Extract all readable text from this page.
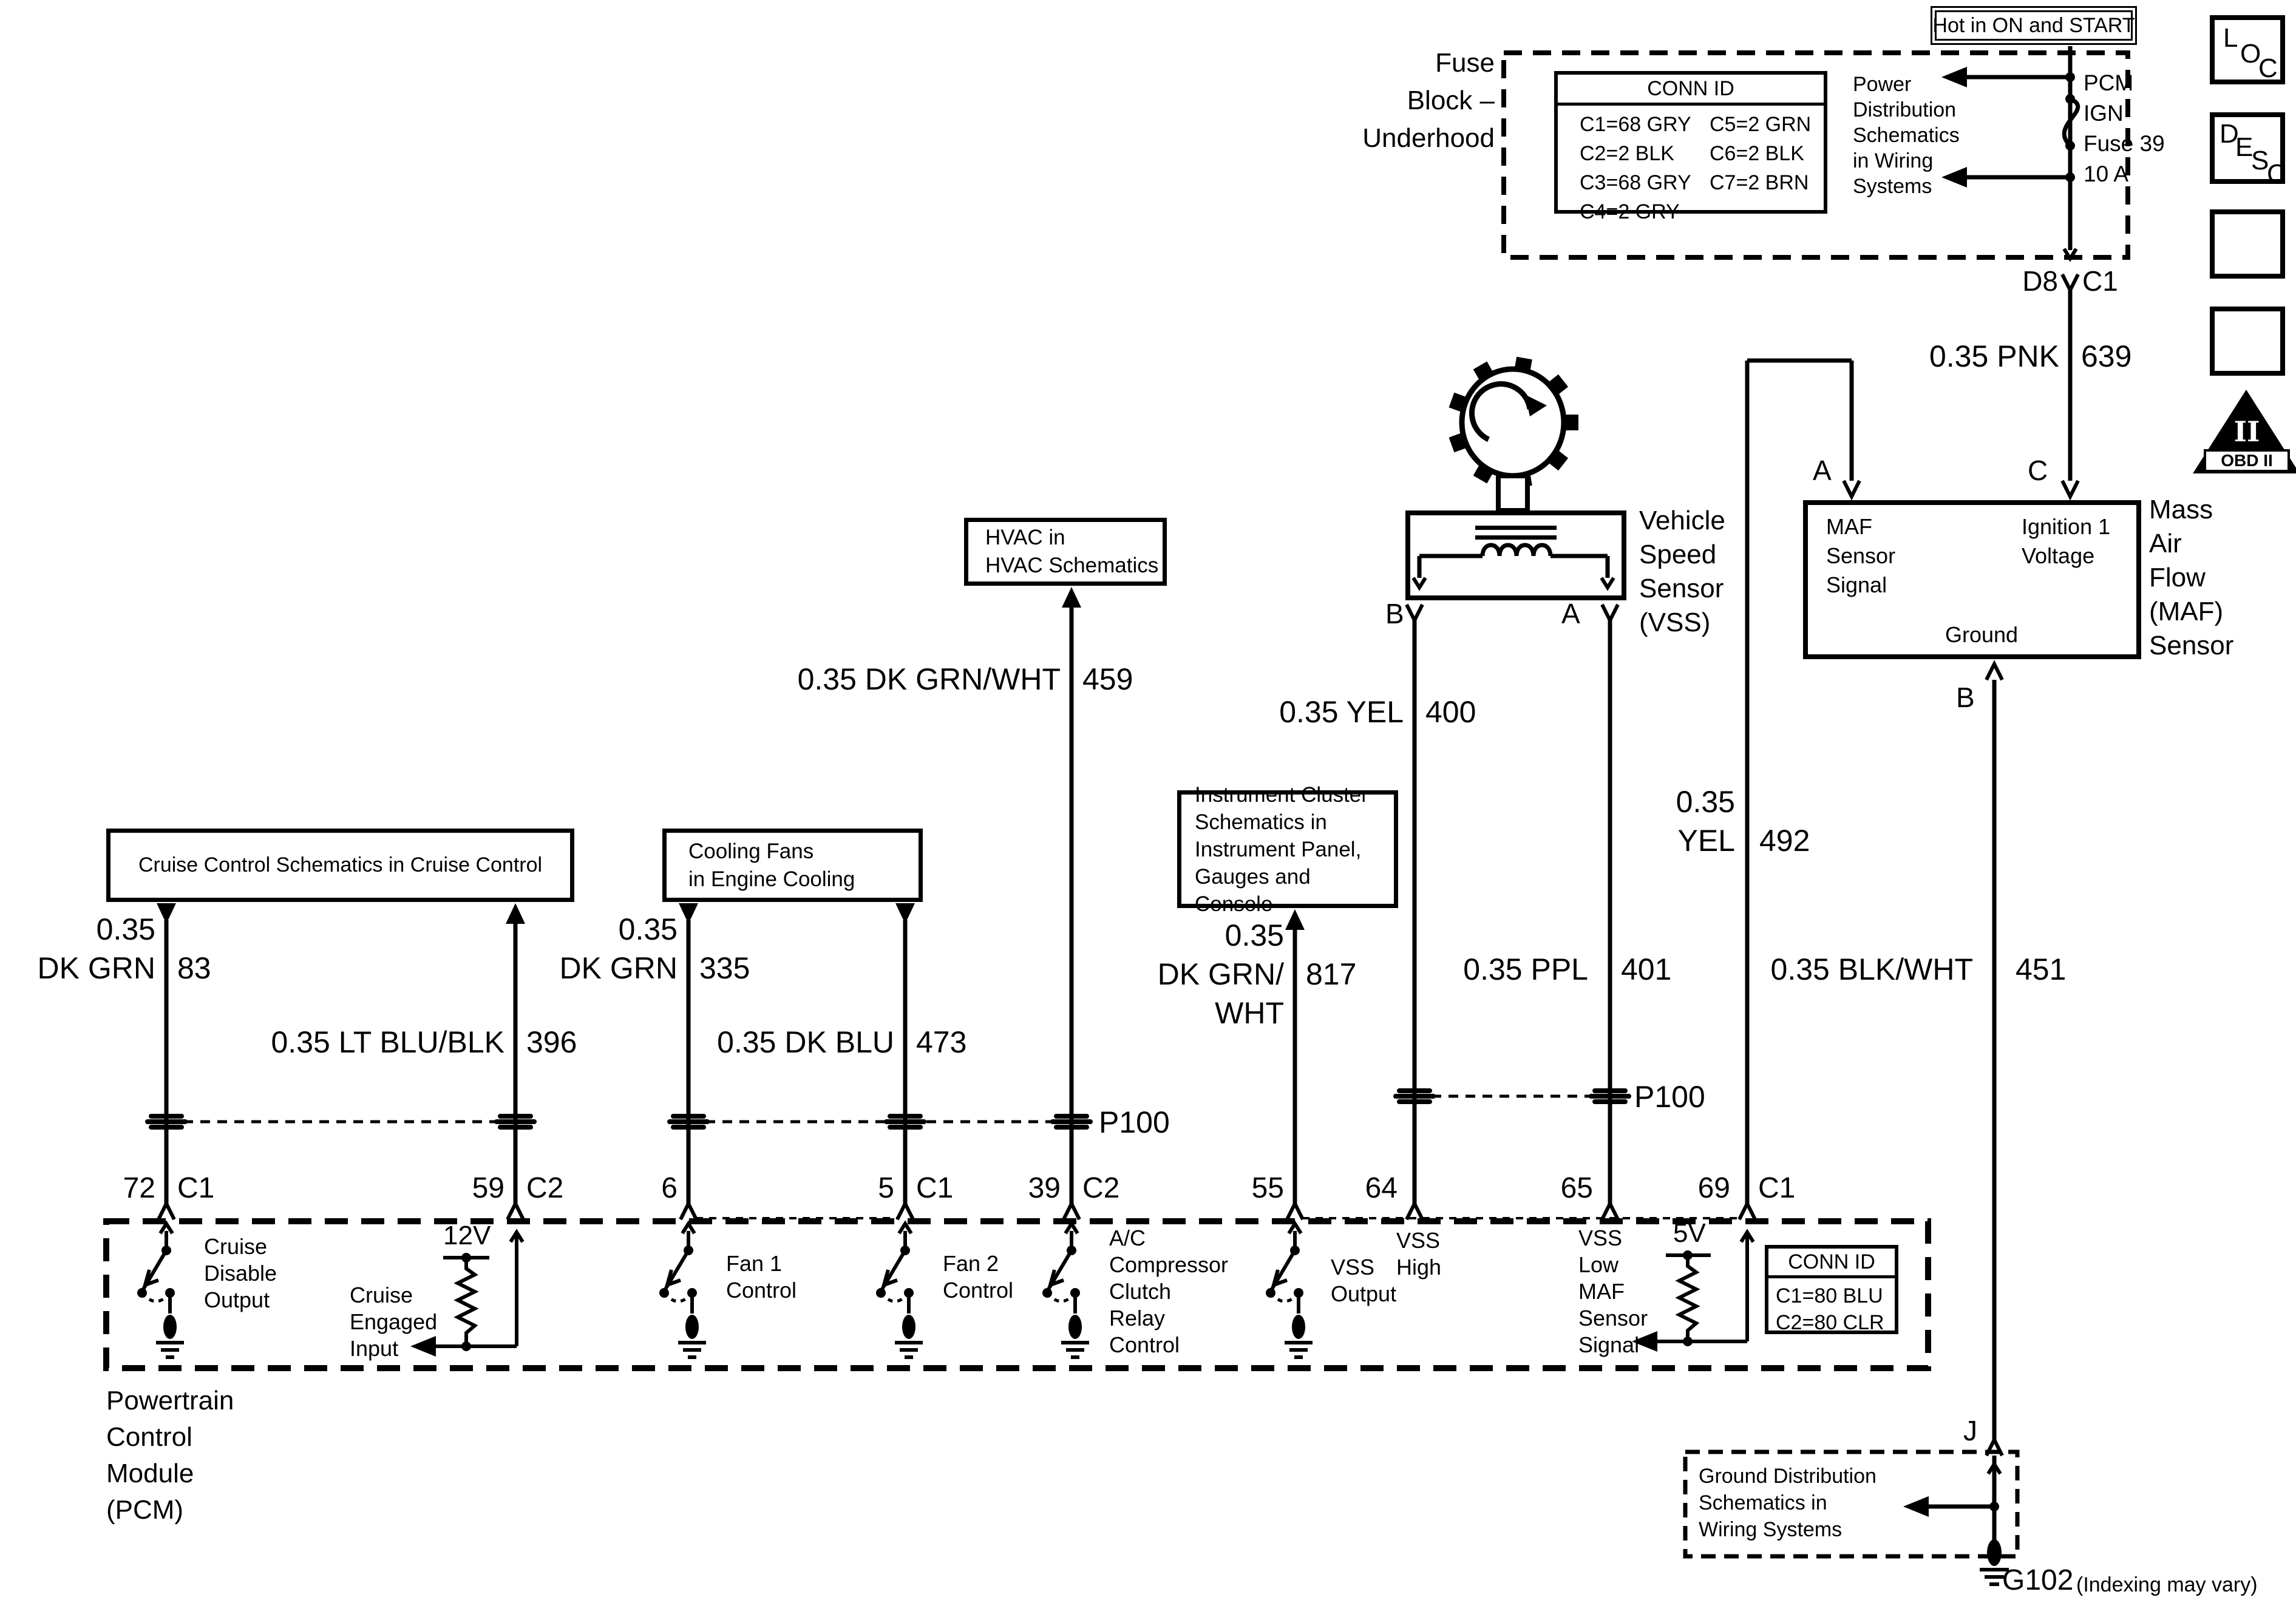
Hot in ON and START
Fuse
Block –
Underhood
CONN ID
C1=68 GRY
C2=2 BLK
C3=68 GRY
C4=2 GRY
C5=2 GRN
C6=2 BLK
C7=2 BRN
Power
Distribution
Schematics
in Wiring
Systems
PCM
IGN
Fuse 39
10 A
D8 C1
L
O
C
D
E
S
C
II
OBD II
Vehicle
Speed
Sensor
(VSS)
B	A
MAF
Sensor
Signal
Ignition 1
Voltage
Ground
A	C
B
Mass
Air
Flow
(MAF)
Sensor
Cruise Control Schematics in Cruise Control
Cooling Fans
in Engine Cooling
HVAC in
HVAC Schematics
Instrument Cluster
Schematics in
Instrument Panel,
Gauges and Console
Ground Distribution
Schematics in
Wiring Systems
0.35
DK GRN 83
0.35 LT BLU/BLK 396
0.35
DK GRN 335
0.35 DK BLU 473
0.35 DK GRN/WHT 459
0.35
DK GRN/
WHT
817
0.35 YEL 400
0.35 PPL 401
0.35
YEL 492
0.35 PNK 639
0.35 BLK/WHT 451
P100
P100
72 C1	59 C2	6	5 C1	39 C2	55	64	65	69 C1
Cruise
Disable
Output
12V
Cruise
Engaged
Input
Fan 1
Control
Fan 2
Control
A/C
Compressor
Clutch
Relay
Control
VSS
Output
VSS
High
VSS
Low
MAF
Sensor
Signal
5V
CONN ID
C1=80 BLU
C2=80 CLR
Powertrain
Control
Module
(PCM)
J
G102 (Indexing may vary)
